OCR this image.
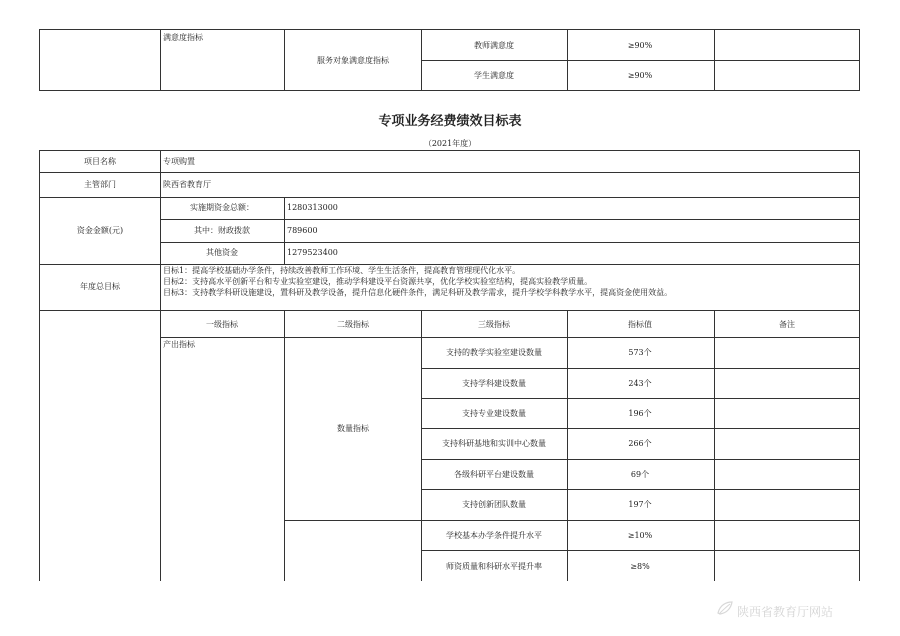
满意度指标
服务对象满意度指标
教师满意度	≥90%
学生满意度	≥90%
专项业务经费绩效目标表
（2021年度）
项目名称	专项购置
主管部门	陕西省教育厅
资金金额(元)
实施期资金总额：	1280313000
其中：财政拨款	789600
其他资金	1279523400
年度总目标
目标1：提高学校基础办学条件，持续改善教师工作环境、学生生活条件，提高教育管理现代化水平。
目标2：支持高水平创新平台和专业实验室建设，推动学科建设平台资源共享，优化学校实验室结构，提高实验教学质量。
目标3：支持教学科研设施建设，置科研及教学设备，提升信息化硬件条件，满足科研及教学需求，提升学校学科教学水平，提高资金使用效益。
一级指标	二级指标	三级指标	指标值	备注
产出指标
数量指标
支持的教学实验室建设数量	573个
支持学科建设数量	243个
支持专业建设数量	196个
支持科研基地和实训中心数量	266个
各级科研平台建设数量	69个
支持创新团队数量	197个
学校基本办学条件提升水平	≥10%
师资质量和科研水平提升率	≥8%
陕西省教育厅网站
